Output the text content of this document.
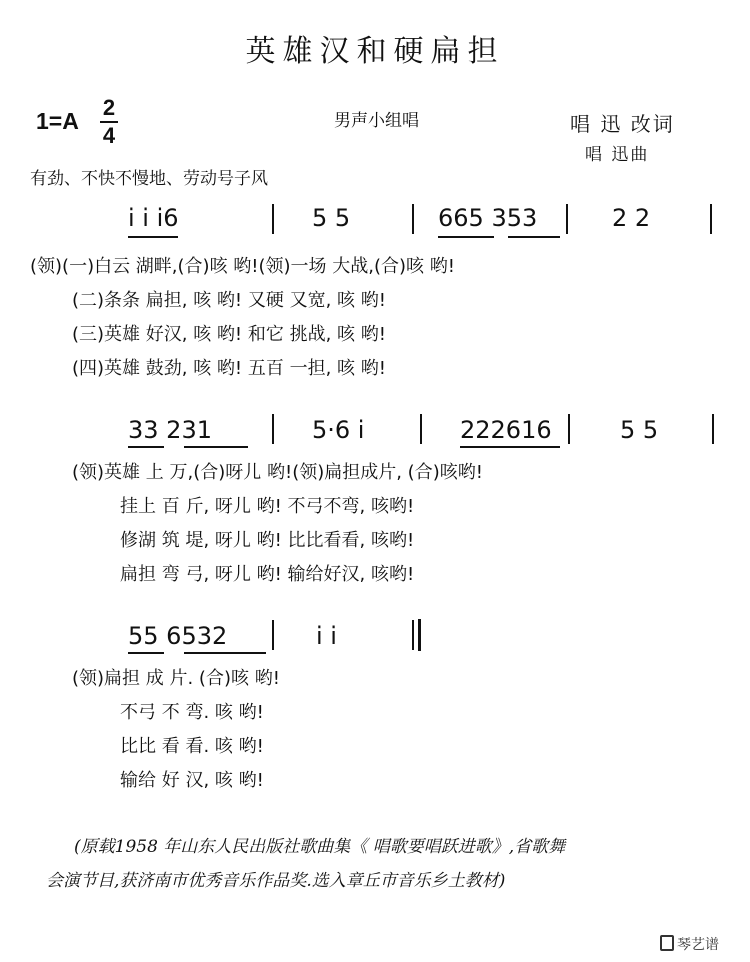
英雄汉和硬扁担
1=A
2
4
男声小组唱	唱 迅 改词
唱 迅曲
有劲、不快不慢地、劳动号子风
i i i6	5 5	665 353	2 2
(领)(一)白云 湖畔,(合)咳 哟!(领)一场 大战,(合)咳 哟!
(二)条条 扁担, 咳 哟! 又硬 又宽, 咳 哟!
(三)英雄 好汉, 咳 哟! 和它 挑战, 咳 哟!
(四)英雄 鼓劲, 咳 哟! 五百 一担, 咳 哟!
33 231	5·6 i	222616	5 5
(领)英雄 上 万,(合)呀儿 哟!(领)扁担成片, (合)咳哟!
挂上 百 斤, 呀儿 哟! 不弓不弯, 咳哟!
修湖 筑 堤, 呀儿 哟! 比比看看, 咳哟!
扁担 弯 弓, 呀儿 哟! 输给好汉, 咳哟!
55 6532	i i
(领)扁担 成 片. (合)咳 哟!
不弓 不 弯. 咳 哟!
比比 看 看. 咳 哟!
输给 好 汉, 咳 哟!
(原载1958 年山东人民出版社歌曲集《 唱歌要唱跃进歌》,省歌舞
会演节目,获济南市优秀音乐作品奖.选入章丘市音乐乡土教材)
琴艺谱
